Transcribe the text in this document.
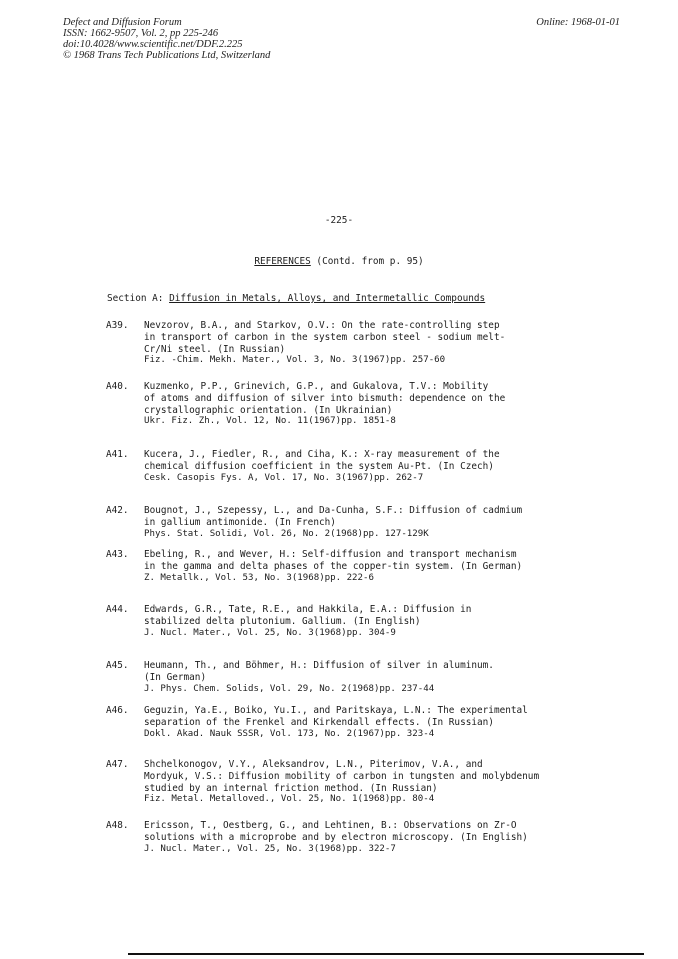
Defect and Diffusion Forum
ISSN: 1662-9507, Vol. 2, pp 225-246
doi:10.4028/www.scientific.net/DDF.2.225
© 1968 Trans Tech Publications Ltd, Switzerland
Online: 1968-01-01
-225-
REFERENCES (Contd. from p. 95)
Section A: Diffusion in Metals, Alloys, and Intermetallic Compounds
A39. Nevzorov, B.A., and Starkov, O.V.: On the rate-controlling step
in transport of carbon in the system carbon steel - sodium melt-
Cr/Ni steel. (In Russian)
Fiz. -Chim. Mekh. Mater., Vol. 3, No. 3(1967)pp. 257-60
A40. Kuzmenko, P.P., Grinevich, G.P., and Gukalova, T.V.: Mobility
of atoms and diffusion of silver into bismuth: dependence on the
crystallographic orientation. (In Ukrainian)
Ukr. Fiz. Zh., Vol. 12, No. 11(1967)pp. 1851-8
A41. Kucera, J., Fiedler, R., and Ciha, K.: X-ray measurement of the
chemical diffusion coefficient in the system Au-Pt. (In Czech)
Cesk. Casopis Fys. A, Vol. 17, No. 3(1967)pp. 262-7
A42. Bougnot, J., Szepessy, L., and Da-Cunha, S.F.: Diffusion of cadmium
in gallium antimonide. (In French)
Phys. Stat. Solidi, Vol. 26, No. 2(1968)pp. 127-129K
A43. Ebeling, R., and Wever, H.: Self-diffusion and transport mechanism
in the gamma and delta phases of the copper-tin system. (In German)
Z. Metallk., Vol. 53, No. 3(1968)pp. 222-6
A44. Edwards, G.R., Tate, R.E., and Hakkila, E.A.: Diffusion in
stabilized delta plutonium. Gallium. (In English)
J. Nucl. Mater., Vol. 25, No. 3(1968)pp. 304-9
A45. Heumann, Th., and Böhmer, H.: Diffusion of silver in aluminum.
(In German)
J. Phys. Chem. Solids, Vol. 29, No. 2(1968)pp. 237-44
A46. Geguzin, Ya.E., Boiko, Yu.I., and Paritskaya, L.N.: The experimental
separation of the Frenkel and Kirkendall effects. (In Russian)
Dokl. Akad. Nauk SSSR, Vol. 173, No. 2(1967)pp. 323-4
A47. Shchelkonogov, V.Y., Aleksandrov, L.N., Piterimov, V.A., and
Mordyuk, V.S.: Diffusion mobility of carbon in tungsten and molybdenum
studied by an internal friction method. (In Russian)
Fiz. Metal. Metalloved., Vol. 25, No. 1(1968)pp. 80-4
A48. Ericsson, T., Oestberg, G., and Lehtinen, B.: Observations on Zr-O
solutions with a microprobe and by electron microscopy. (In English)
J. Nucl. Mater., Vol. 25, No. 3(1968)pp. 322-7
